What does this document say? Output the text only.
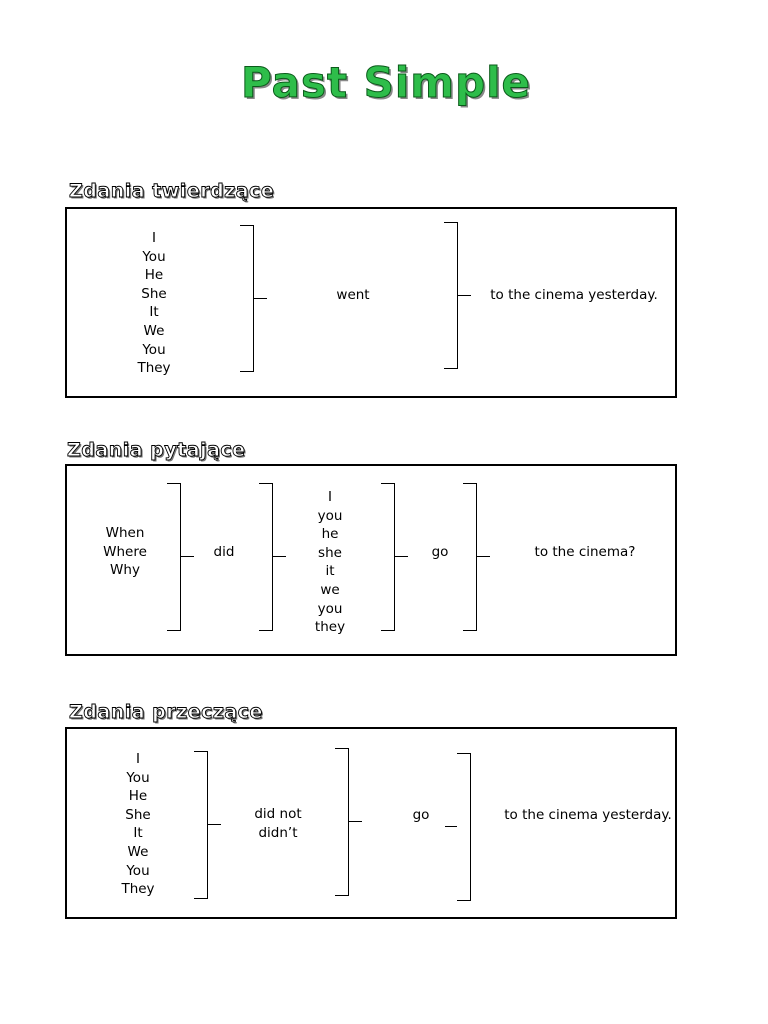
Past Simple
Zdania twierdzące
I
You
He
She
It
We
You
They
went	to the cinema yesterday.
Zdania pytające
When
Where
Why
did
I
you
he
she
it
we
you
they
go	to the cinema?
Zdania przeczące
I
You
He
She
It
We
You
They
did not
didn’t
go	to the cinema yesterday.
